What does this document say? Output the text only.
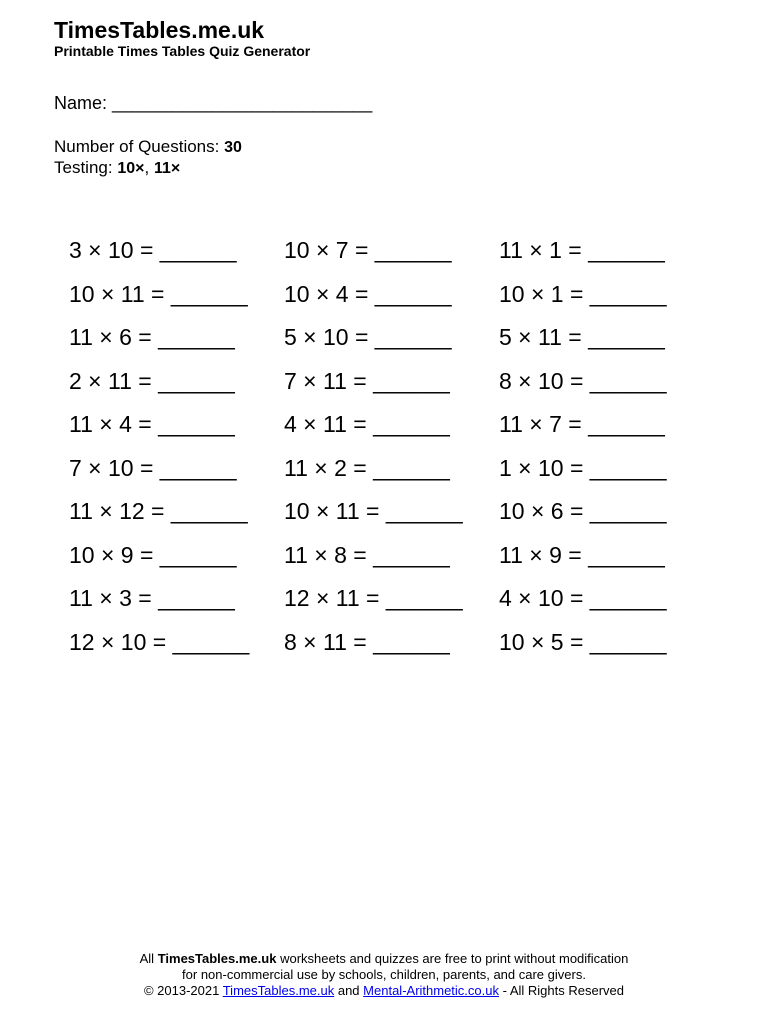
TimesTables.me.uk
Printable Times Tables Quiz Generator
Name: __________________________
Number of Questions: 30
Testing: 10×, 11×
3 × 10 = ______
10 × 11 = ______
11 × 6 = ______
2 × 11 = ______
11 × 4 = ______
7 × 10 = ______
11 × 12 = ______
10 × 9 = ______
11 × 3 = ______
12 × 10 = ______
10 × 7 = ______
10 × 4 = ______
5 × 10 = ______
7 × 11 = ______
4 × 11 = ______
11 × 2 = ______
10 × 11 = ______
11 × 8 = ______
12 × 11 = ______
8 × 11 = ______
11 × 1 = ______
10 × 1 = ______
5 × 11 = ______
8 × 10 = ______
11 × 7 = ______
1 × 10 = ______
10 × 6 = ______
11 × 9 = ______
4 × 10 = ______
10 × 5 = ______
All TimesTables.me.uk worksheets and quizzes are free to print without modification
for non-commercial use by schools, children, parents, and care givers.
© 2013-2021 TimesTables.me.uk and Mental-Arithmetic.co.uk - All Rights Reserved
